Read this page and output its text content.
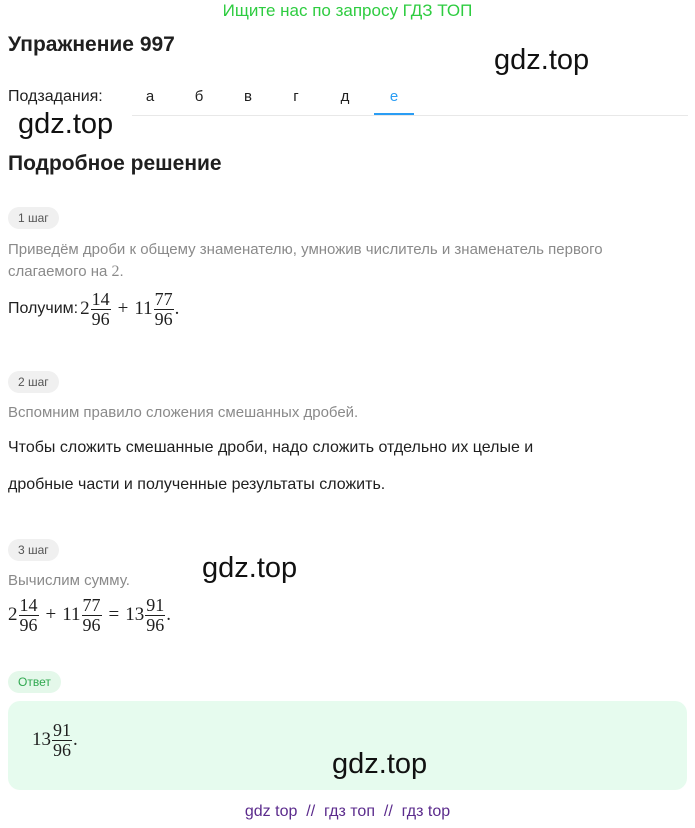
Ищите нас по запросу ГДЗ ТОП
Упражнение 997	gdz.top
Подзадания:	а	б	в	г	д	е
gdz.top
Подробное решение
1 шаг
Приведём дроби к общему знаменателю, умножив числитель и знаменатель первого
слагаемого на 2.
Получим: $2 \frac{14}{96} + 11 \frac{77}{96}$ .
2 шаг
Вспомним правило сложения смешанных дробей.
Чтобы сложить смешанные дроби, надо сложить отдельно их целые и
дробные части и полученные результаты сложить.
3 шаг
Вычислим сумму. gdz.top
$2 \frac{14}{96} + 11 \frac{77}{96} = 13 \frac{91}{96}$ .
Ответ
$13 \frac{91}{96}$ .
gdz.top
gdz top  //  гдз топ  //  гдз top
